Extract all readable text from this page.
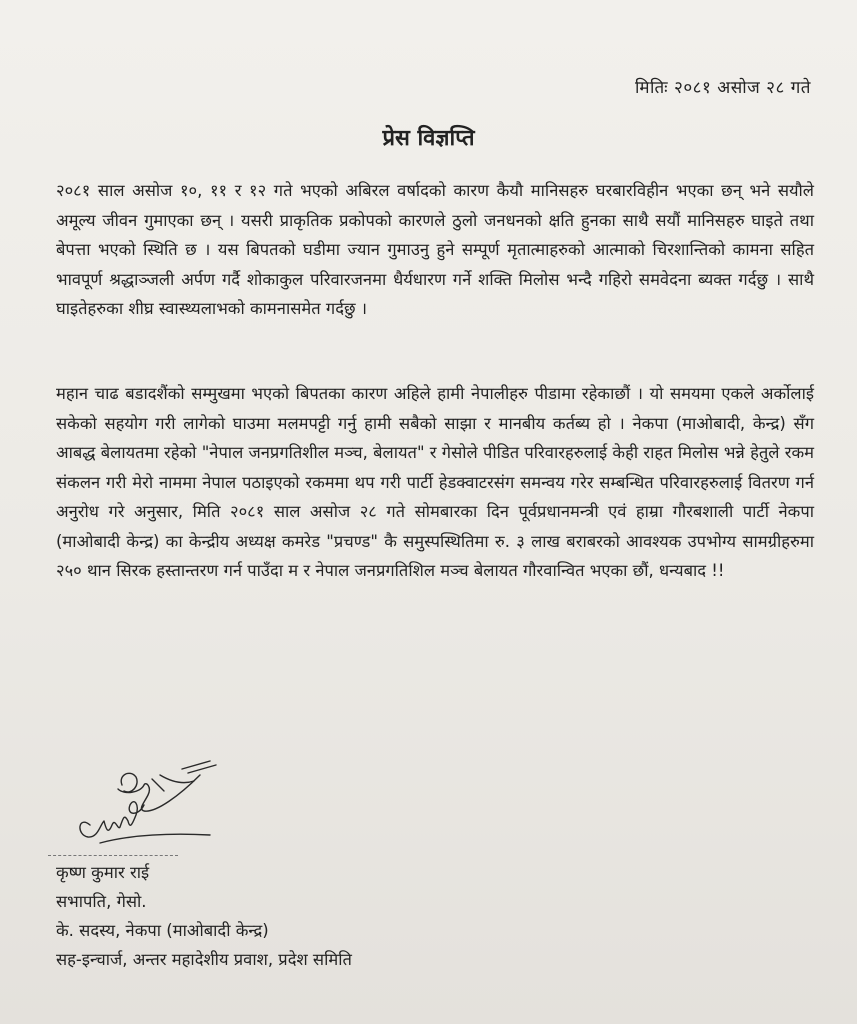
मितिः २०८१ असोज २८ गते
प्रेस विज्ञप्ति

२०८१ साल असोज १०, ११ र १२ गते भएको अबिरल वर्षादको कारण कैयौ मानिसहरु घरबारविहीन भएका छन् भने सयौले अमूल्य जीवन गुमाएका छन् । यसरी प्राकृतिक प्रकोपको कारणले ठुलो जनधनको क्षति हुनका साथै सयौं मानिसहरु घाइते तथा बेपत्ता भएको स्थिति छ । यस बिपतको घडीमा ज्यान गुमाउनु हुने सम्पूर्ण मृतात्माहरुको आत्माको चिरशान्तिको कामना सहित भावपूर्ण श्रद्धाञ्जली अर्पण गर्दै शोकाकुल परिवारजनमा धैर्यधारण गर्ने शक्ति मिलोस भन्दै गहिरो समवेदना ब्यक्त गर्दछु । साथै घाइतेहरुका शीघ्र स्वास्थ्यलाभको कामनासमेत गर्दछु ।

महान चाढ बडादशैंको सम्मुखमा भएको बिपतका कारण अहिले हामी नेपालीहरु पीडामा रहेकाछौं । यो समयमा एकले अर्कोलाई सकेको सहयोग गरी लागेको घाउमा मलमपट्टी गर्नु हामी सबैको साझा र मानबीय कर्तब्य हो । नेकपा (माओबादी, केन्द्र) सँग आबद्ध बेलायतमा रहेको "नेपाल जनप्रगतिशील मञ्च, बेलायत" र गेसोले पीडित परिवारहरुलाई केही राहत मिलोस भन्ने हेतुले रकम संकलन गरी मेरो नाममा नेपाल पठाइएको रकममा थप गरी पार्टी हेडक्वाटरसंग समन्वय गरेर सम्बन्धित परिवारहरुलाई वितरण गर्न अनुरोध गरे अनुसार, मिति २०८१ साल असोज २८ गते सोमबारका दिन पूर्वप्रधानमन्त्री एवं हाम्रा गौरबशाली पार्टी नेकपा (माओबादी केन्द्र) का केन्द्रीय अध्यक्ष कमरेड "प्रचण्ड" कै समुस्पस्थितिमा रु. ३ लाख बराबरको आवश्यक उपभोग्य सामग्रीहरुमा २५० थान सिरक हस्तान्तरण गर्न पाउँदा म र नेपाल जनप्रगतिशिल मञ्च बेलायत गौरवान्वित भएका छौं, धन्यबाद !!

कृष्ण कुमार राई
सभापति, गेसो.
के. सदस्य, नेकपा (माओबादी केन्द्र)
सह-इन्चार्ज, अन्तर महादेशीय प्रवाश, प्रदेश समिति
